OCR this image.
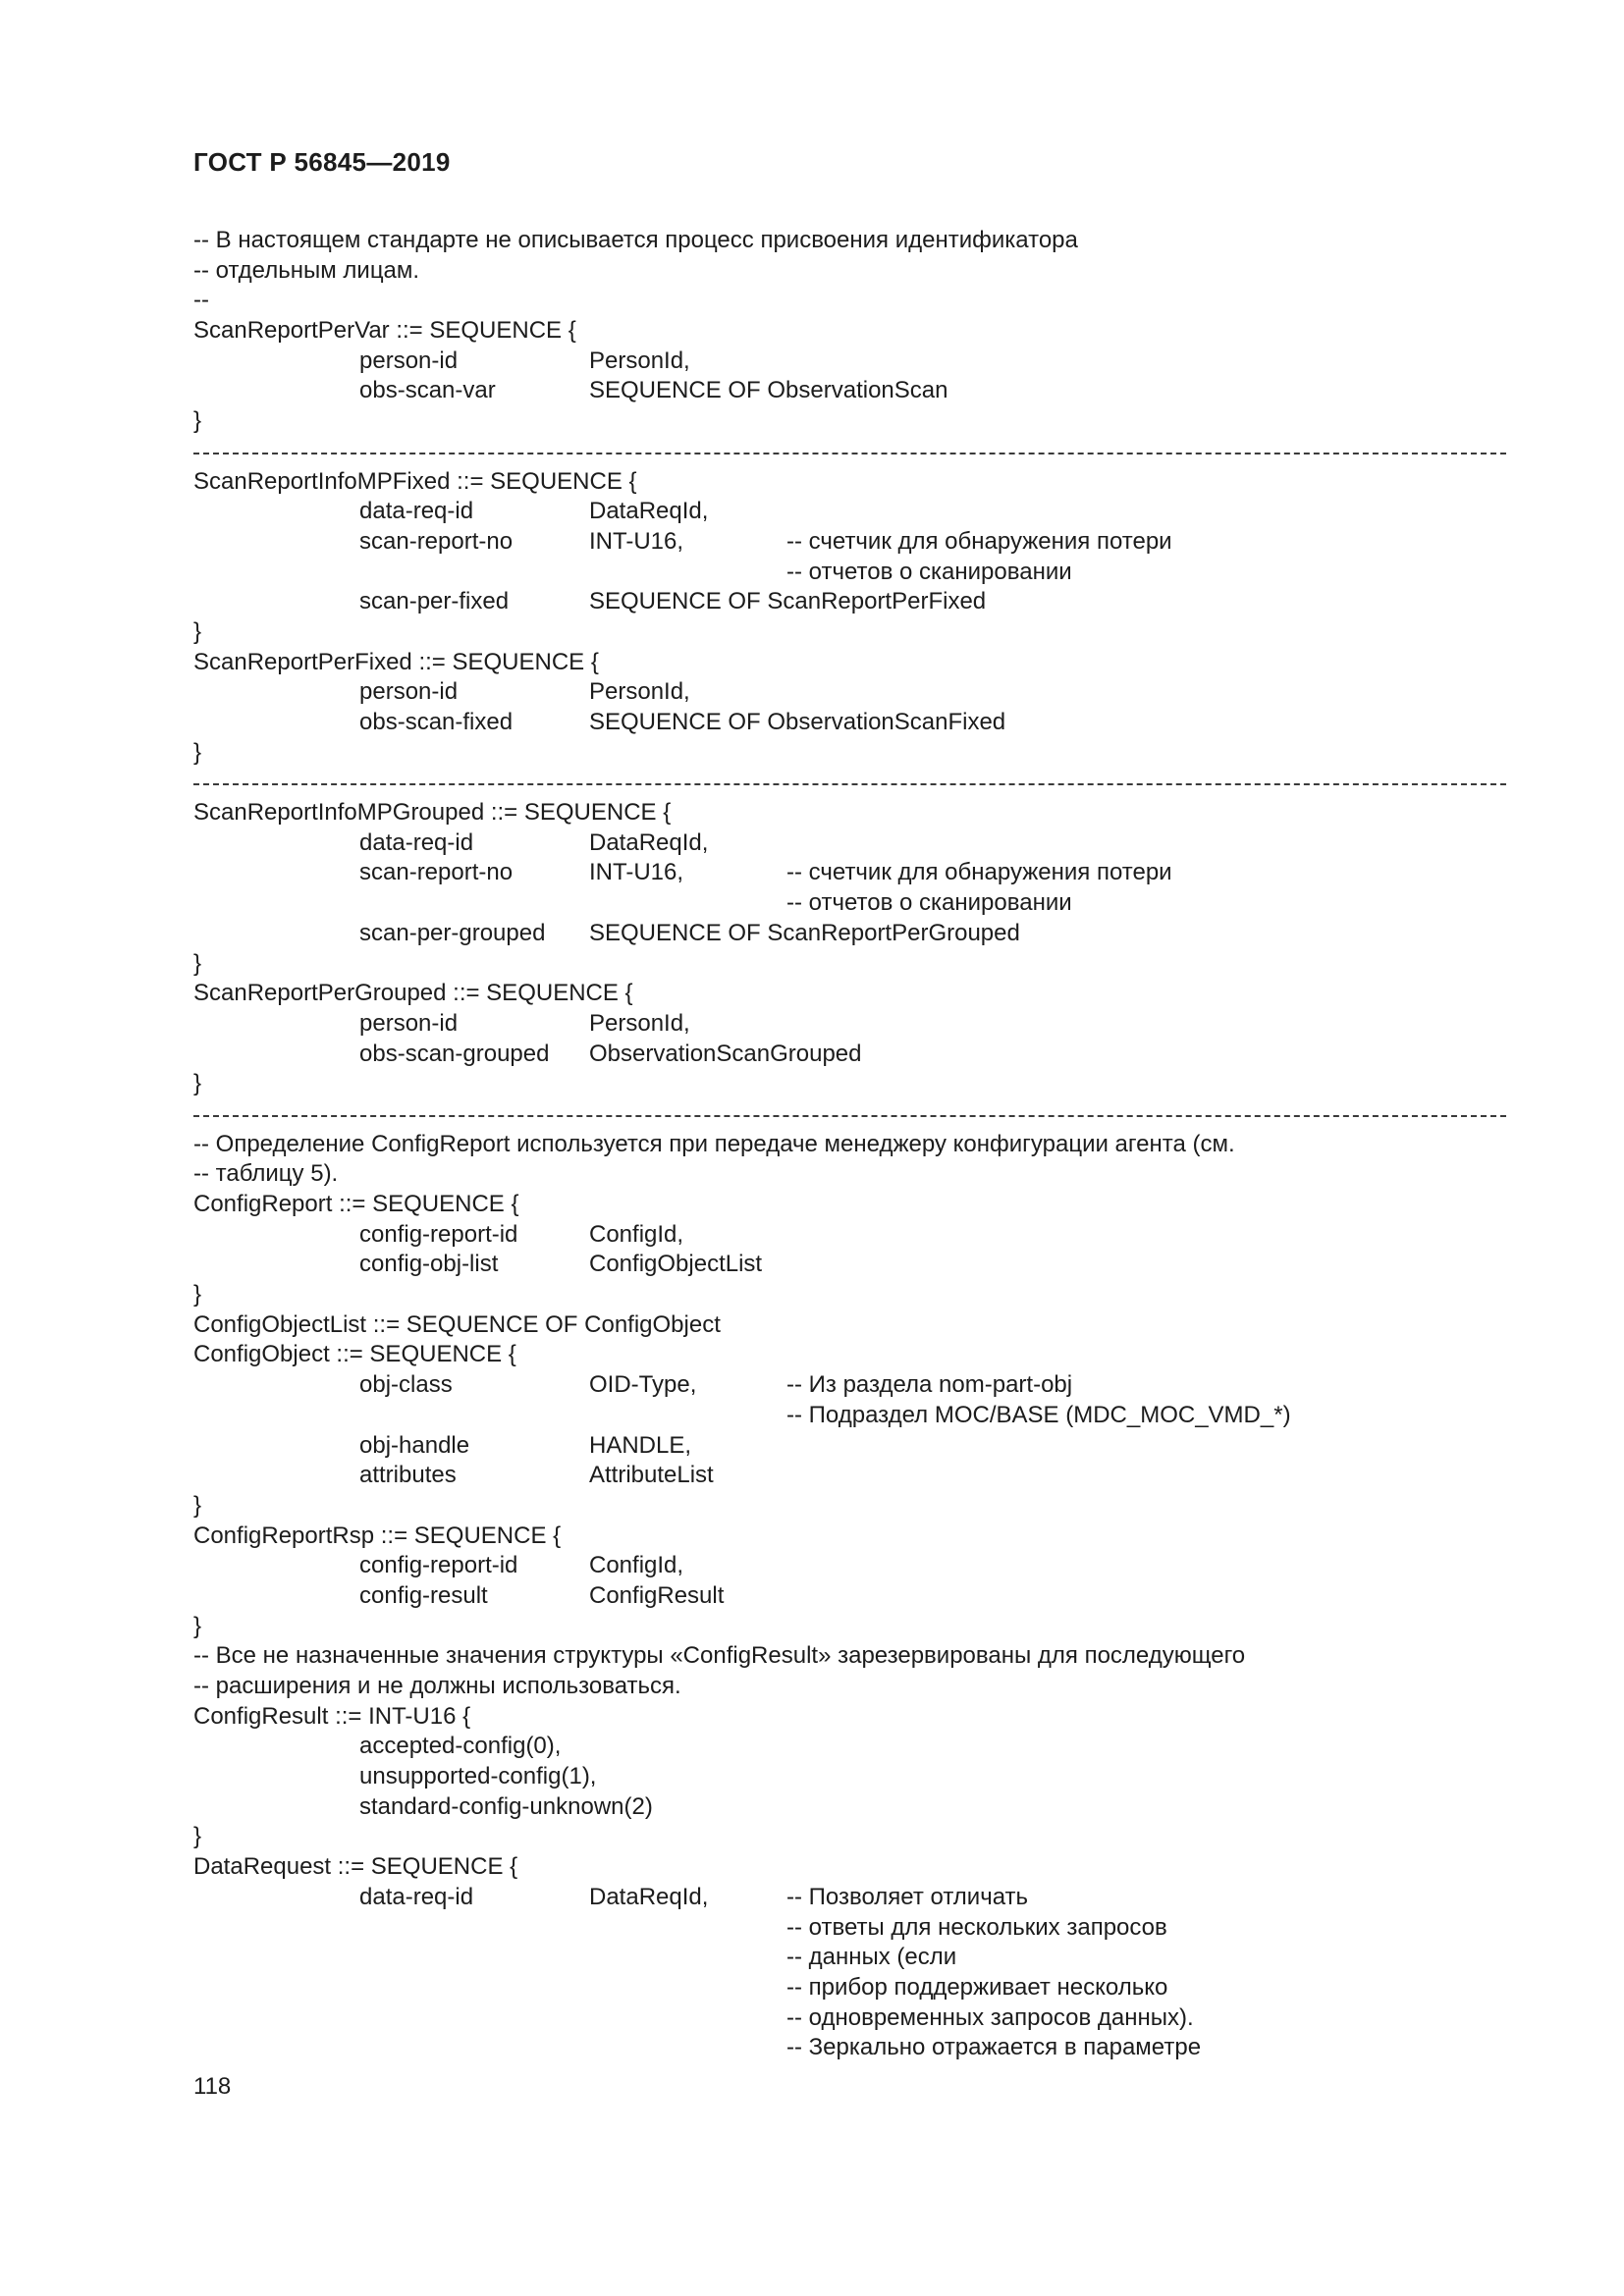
ГОСТ Р 56845—2019
-- В настоящем стандарте не описывается процесс присвоения идентификатора
-- отдельным лицам.
--
ScanReportPerVar ::= SEQUENCE {
person-id	PersonId,
obs-scan-var	SEQUENCE OF ObservationScan
}
ScanReportInfoMPFixed ::= SEQUENCE {
data-req-id	DataReqId,
scan-report-no	INT-U16,	-- счетчик для обнаружения потери
-- отчетов о сканировании
scan-per-fixed	SEQUENCE OF ScanReportPerFixed
}
ScanReportPerFixed ::= SEQUENCE {
person-id	PersonId,
obs-scan-fixed	SEQUENCE OF ObservationScanFixed
}
ScanReportInfoMPGrouped ::= SEQUENCE {
data-req-id	DataReqId,
scan-report-no	INT-U16,	-- счетчик для обнаружения потери
-- отчетов о сканировании
scan-per-grouped SEQUENCE OF ScanReportPerGrouped
}
ScanReportPerGrouped ::= SEQUENCE {
person-id	PersonId,
obs-scan-grouped ObservationScanGrouped
}
-- Определение ConfigReport используется при передаче менеджеру конфигурации агента (см.
-- таблицу 5).
ConfigReport ::= SEQUENCE {
config-report-id	ConfigId,
config-obj-list	ConfigObjectList
}
ConfigObjectList ::= SEQUENCE OF ConfigObject
ConfigObject ::= SEQUENCE {
obj-class	OID-Type,	-- Из раздела nom-part-obj
-- Подраздел MOC/BASE (MDC_MOC_VMD_*)
obj-handle	HANDLE,
attributes	AttributeList
}
ConfigReportRsp ::= SEQUENCE {
config-report-id	ConfigId,
config-result	ConfigResult
}
-- Все не назначенные значения структуры «ConfigResult» зарезервированы для последующего
-- расширения и не должны использоваться.
ConfigResult ::= INT-U16 {
accepted-config(0),
unsupported-config(1),
standard-config-unknown(2)
}
DataRequest ::= SEQUENCE {
data-req-id	DataReqId,	-- Позволяет отличать
-- ответы для нескольких запросов
-- данных (если
-- прибор поддерживает несколько
-- одновременных запросов данных).
-- Зеркально отражается в параметре
118
